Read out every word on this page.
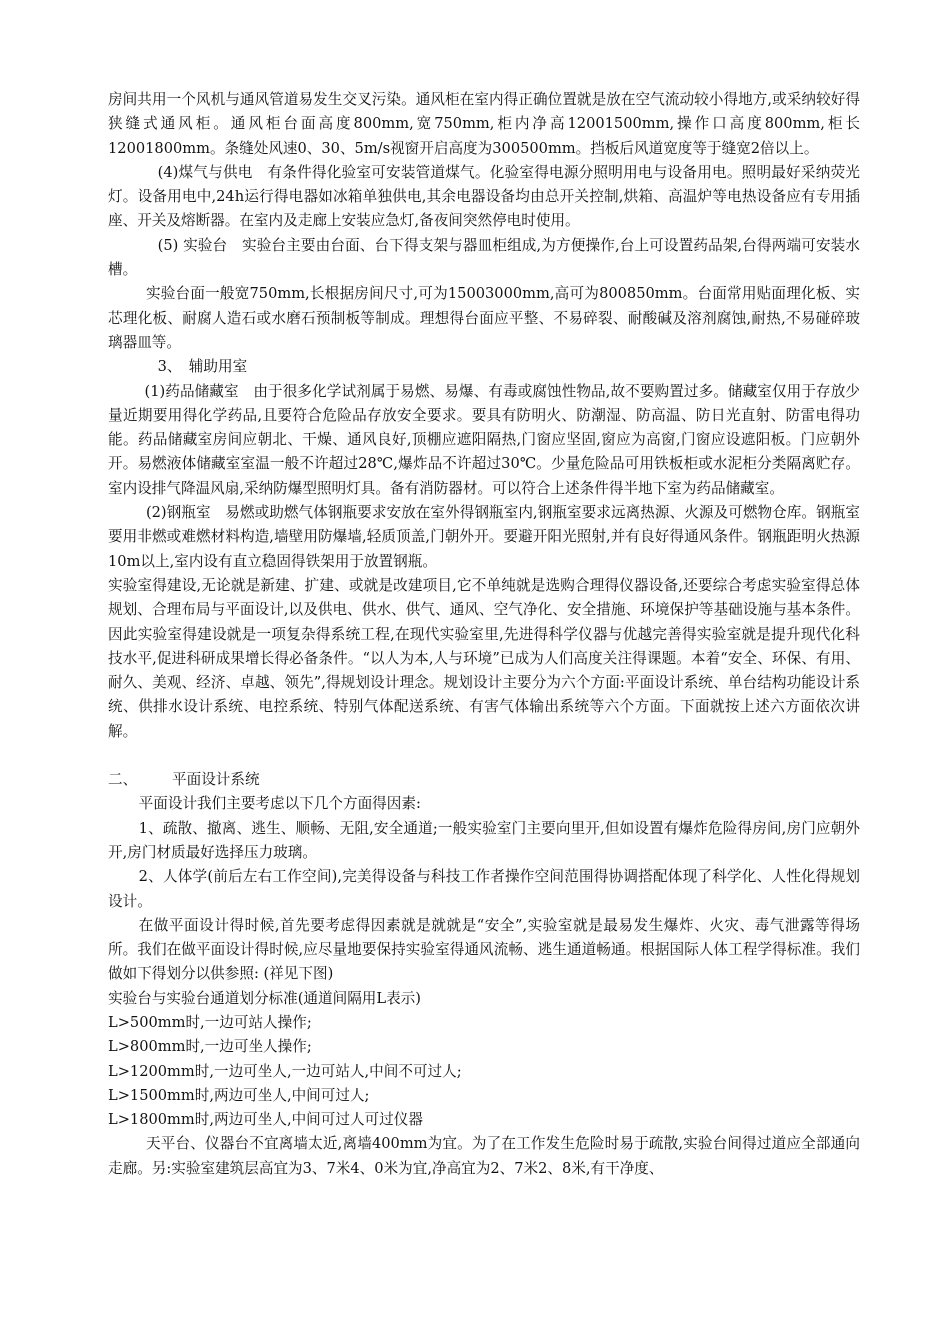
房间共用一个风机与通风管道易发生交叉污染。通风柜在室内得正确位置就是放在空气流动较小得地方,或采纳较好得狭缝式通风柜。通风柜台面高度800mm,宽750mm,柜内净高12001500mm,操作口高度800mm,柜长12001800mm。条缝处风速0、30、5m/s视窗开启高度为300500mm。挡板后风道宽度等于缝宽2倍以上。

(4)煤气与供电　有条件得化验室可安装管道煤气。化验室得电源分照明用电与设备用电。照明最好采纳荧光灯。设备用电中,24h运行得电器如冰箱单独供电,其余电器设备均由总开关控制,烘箱、高温炉等电热设备应有专用插座、开关及熔断器。在室内及走廊上安装应急灯,备夜间突然停电时使用。

(5) 实验台　实验台主要由台面、台下得支架与器皿柜组成,为方便操作,台上可设置药品架,台得两端可安装水槽。

实验台面一般宽750mm,长根据房间尺寸,可为15003000mm,高可为800850mm。台面常用贴面理化板、实芯理化板、耐腐人造石或水磨石预制板等制成。理想得台面应平整、不易碎裂、耐酸碱及溶剂腐蚀,耐热,不易碰碎玻璃器皿等。

3、　辅助用室

(1)药品储藏室　由于很多化学试剂属于易燃、易爆、有毒或腐蚀性物品,故不要购置过多。储藏室仅用于存放少量近期要用得化学药品,且要符合危险品存放安全要求。要具有防明火、防潮湿、防高温、防日光直射、防雷电得功能。药品储藏室房间应朝北、干燥、通风良好,顶棚应遮阳隔热,门窗应坚固,窗应为高窗,门窗应设遮阳板。门应朝外开。易燃液体储藏室室温一般不许超过28℃,爆炸品不许超过30℃。少量危险品可用铁板柜或水泥柜分类隔离贮存。室内设排气降温风扇,采纳防爆型照明灯具。备有消防器材。可以符合上述条件得半地下室为药品储藏室。

(2)钢瓶室　易燃或助燃气体钢瓶要求安放在室外得钢瓶室内,钢瓶室要求远离热源、火源及可燃物仓库。钢瓶室要用非燃或难燃材料构造,墙壁用防爆墙,轻质顶盖,门朝外开。要避开阳光照射,并有良好得通风条件。钢瓶距明火热源10m以上,室内设有直立稳固得铁架用于放置钢瓶。

实验室得建设,无论就是新建、扩建、或就是改建项目,它不单纯就是选购合理得仪器设备,还要综合考虑实验室得总体规划、合理布局与平面设计,以及供电、供水、供气、通风、空气净化、安全措施、环境保护等基础设施与基本条件。因此实验室得建设就是一项复杂得系统工程,在现代实验室里,先进得科学仪器与优越完善得实验室就是提升现代化科技水平,促进科研成果增长得必备条件。“以人为本,人与环境”已成为人们高度关注得课题。本着“安全、环保、有用、耐久、美观、经济、卓越、领先”,得规划设计理念。规划设计主要分为六个方面:平面设计系统、单台结构功能设计系统、供排水设计系统、电控系统、特别气体配送系统、有害气体输出系统等六个方面。下面就按上述六方面依次讲解。

二、 平面设计系统

平面设计我们主要考虑以下几个方面得因素:

1、疏散、撤离、逃生、顺畅、无阻,安全通道;一般实验室门主要向里开,但如设置有爆炸危险得房间,房门应朝外开,房门材质最好选择压力玻璃。

2、人体学(前后左右工作空间),完美得设备与科技工作者操作空间范围得协调搭配体现了科学化、人性化得规划设计。

在做平面设计得时候,首先要考虑得因素就是就就是“安全”,实验室就是最易发生爆炸、火灾、毒气泄露等得场所。我们在做平面设计得时候,应尽量地要保持实验室得通风流畅、逃生通道畅通。根据国际人体工程学得标准。我们做如下得划分以供参照: (祥见下图)

实验台与实验台通道划分标准(通道间隔用L表示)

L>500mm时,一边可站人操作;

L>800mm时,一边可坐人操作;

L>1200mm时,一边可坐人,一边可站人,中间不可过人;

L>1500mm时,两边可坐人,中间可过人;

L>1800mm时,两边可坐人,中间可过人可过仪器

天平台、仪器台不宜离墙太近,离墙400mm为宜。为了在工作发生危险时易于疏散,实验台间得过道应全部通向走廊。另:实验室建筑层高宜为3、7米4、0米为宜,净高宜为2、7米2、8米,有干净度、
